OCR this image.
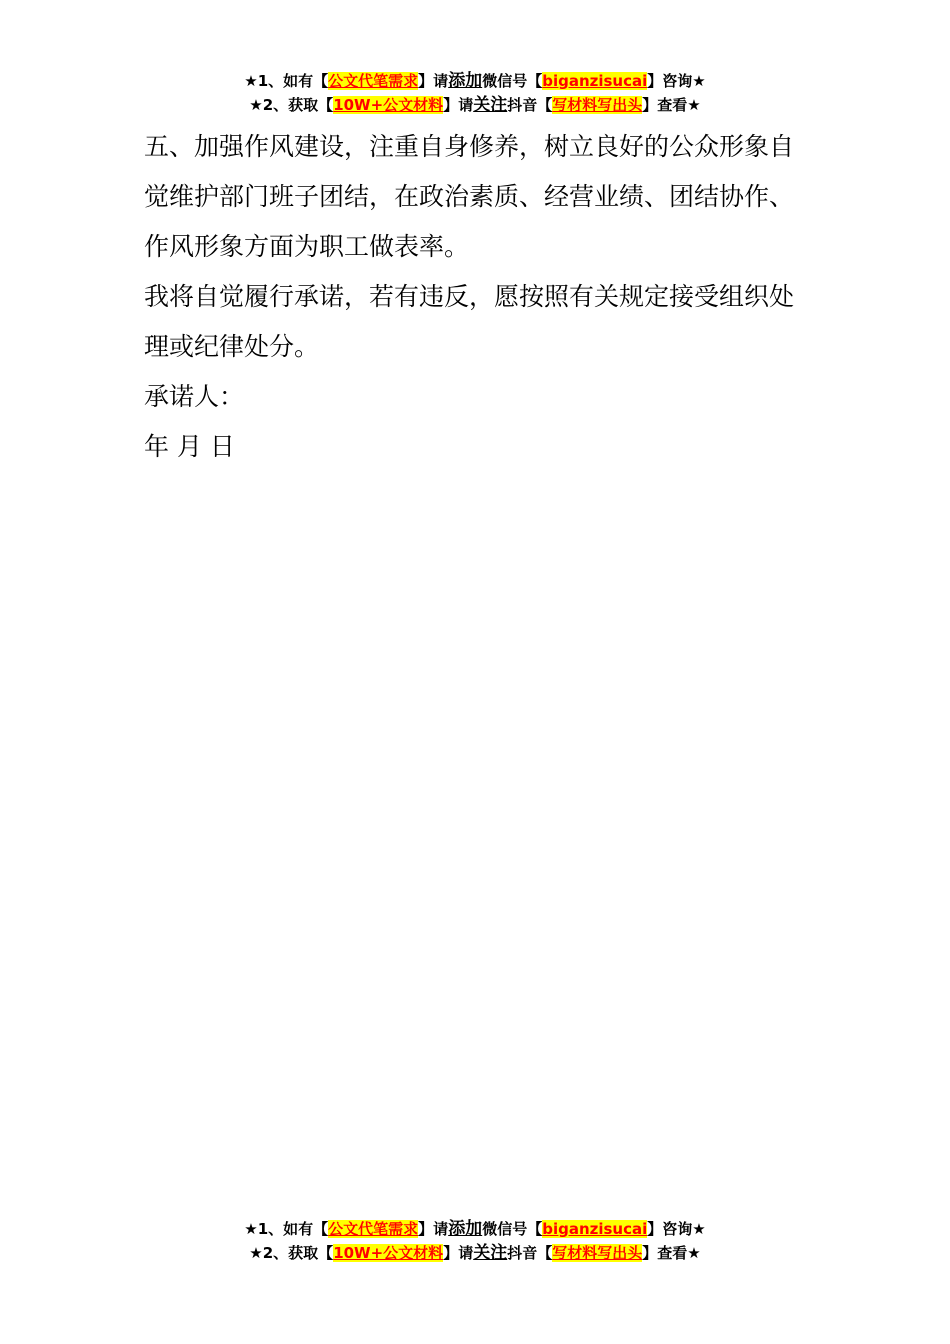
★1、如有【公文代笔需求】请添加微信号【biganzisucai】咨询★
★2、获取【10W+公文材料】请关注抖音【写材料写出头】查看★

五、加强作风建设，注重自身修养，树立良好的公众形象自觉维护部门班子团结，在政治素质、经营业绩、团结协作、作风形象方面为职工做表率。

我将自觉履行承诺，若有违反，愿按照有关规定接受组织处理或纪律处分。

承诺人：

年 月 日

★1、如有【公文代笔需求】请添加微信号【biganzisucai】咨询★
★2、获取【10W+公文材料】请关注抖音【写材料写出头】查看★
